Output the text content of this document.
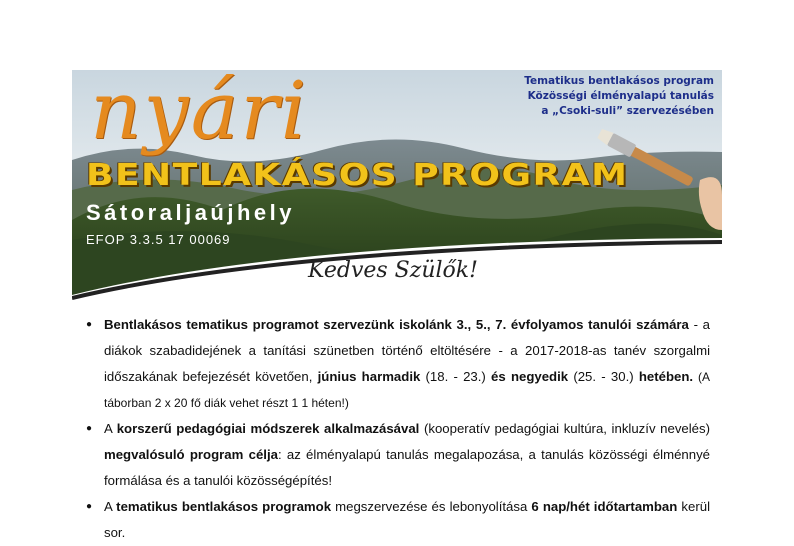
Tematikus bentlakásos program
Közösségi élményalapú tanulás
a „Csoki-suli” szervezésében
nyári
BENTLAKÁSOS PROGRAM
Sátoraljaújhely
EFOP 3.3.5 17 00069
Kedves Szülők!
● Bentlakásos tematikus programot szervezünk iskolánk 3., 5., 7. évfolyamos tanulói számára - a diákok szabadidejének a tanítási szünetben történő eltöltésére - a 2017-2018-as tanév szorgalmi időszakának befejezését követően, június harmadik (18. - 23.) és negyedik (25. - 30.) hetében. (A táborban 2 x 20 fő diák vehet részt 1 1 héten!)
● A korszerű pedagógiai módszerek alkalmazásával (kooperatív pedagógiai kultúra, inkluzív nevelés) megvalósuló program célja: az élményalapú tanulás megalapozása, a tanulás közösségi élménnyé formálása és a tanulói közösségépítés!
● A tematikus bentlakásos programok megszervezése és lebonyolítása 6 nap/hét időtartamban kerül sor.
